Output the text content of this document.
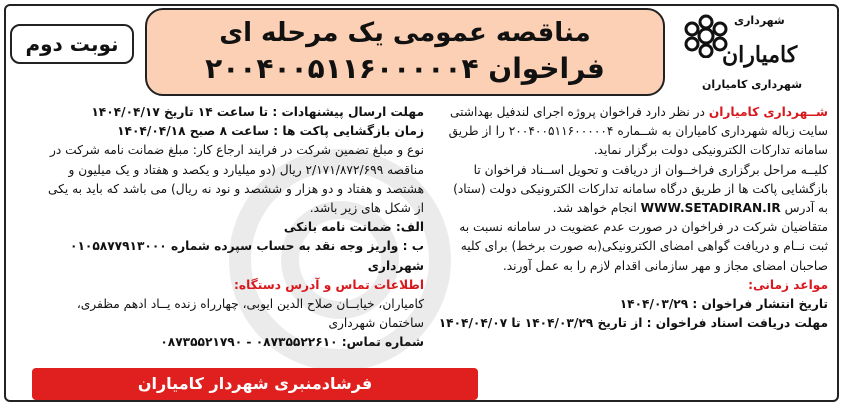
نوبت دوم	مناقصه عمومی یک مرحله ای
فراخوان ۲۰۰۴۰۰۵۱۱۶۰۰۰۰۰۴
شهرداری
کامیاران
شهرداری کامیاران
شــهرداری کامیاران در نظر دارد فراخوان پروژه اجرای لندفیل بهداشتی
سایت زباله شهرداری کامیاران به شــماره ۲۰۰۴۰۰۵۱۱۶۰۰۰۰۰۴ را از طریق
سامانه تدارکات الکترونیکی دولت برگزار نماید.
کلیــه مراحل برگزاری فراخــوان از دریافت و تحویل اســناد فراخوان تا
بازگشایی پاکت ها از طریق درگاه سامانه تدارکات الکترونیکی دولت (ستاد)
به آدرس WWW.SETADIRAN.IR انجام خواهد شد.
متقاضیان شرکت در فراخوان در صورت عدم عضویت در سامانه نسبت به
ثبت نــام و دریافت گواهی امضای الکترونیکی(به صورت برخط) برای کلیه
صاحبان امضای مجاز و مهر سازمانی اقدام لازم را به عمل آورند.
مواعد زمانی:
تاریخ انتشار فراخوان : ۱۴۰۴/۰۳/۲۹
مهلت دریافت اسناد فراخوان : از تاریخ ۱۴۰۴/۰۳/۲۹ تا ۱۴۰۴/۰۴/۰۷
مهلت ارسال پیشنهادات : تا ساعت ۱۴ تاریخ ۱۴۰۴/۰۴/۱۷
زمان بازگشایی پاکت ها : ساعت ۸ صبح ۱۴۰۴/۰۴/۱۸
نوع و مبلغ تضمین شرکت در فرایند ارجاع کار: مبلغ ضمانت نامه شرکت در
مناقصه ۲/۱۷۱/۸۷۲/۶۹۹ ریال (دو میلیارد و یکصد و هفتاد و یک میلیون و
هشتصد و هفتاد و دو هزار و ششصد و نود نه ریال) می باشد که باید به یکی
از شکل های زیر باشد.
الف: ضمانت نامه بانکی
ب : واریز وجه نقد به حساب سپرده شماره ۰۱۰۵۸۷۷۹۱۳۰۰۰ شهرداری
اطلاعات تماس و آدرس دستگاه:
کامیاران، خیابــان صلاح الدین ایوبی، چهارراه زنده یــاد ادهم مظفری،
ساختمان شهرداری
شماره تماس: ۰۸۷۳۵۵۲۲۶۱۰ - ۰۸۷۳۵۵۲۱۷۹۰
فرشادمنبری شهردار کامیاران
